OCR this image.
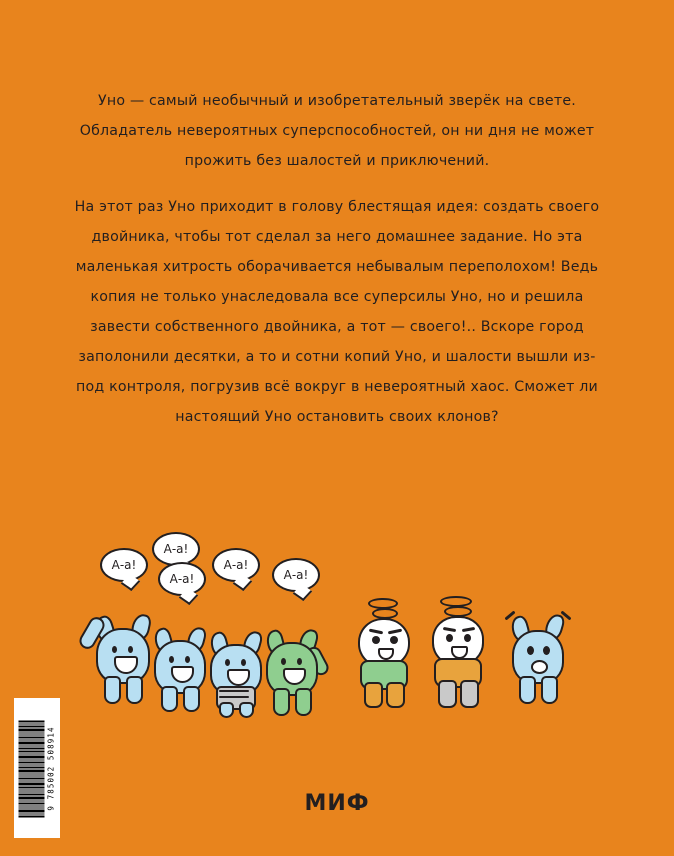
Уно — самый необычный и изобретательный зверёк на свете. Обладатель невероятных суперспособностей, он ни дня не может прожить без шалостей и приключений.

На этот раз Уно приходит в голову блестящая идея: создать своего двойника, чтобы тот сделал за него домашнее задание. Но эта маленькая хитрость оборачивается небывалым переполохом! Ведь копия не только унаследовала все суперсилы Уно, но и решила завести собственного двойника, а тот — своего!.. Вскоре город заполонили десятки, а то и сотни копий Уно, и шалости вышли из-под контроля, погрузив всё вокруг в невероятный хаос. Сможет ли настоящий Уно остановить своих клонов?

А-а!
А-а!
А-а!
А-а!
А-а!
9 785002 508914	МИФ
